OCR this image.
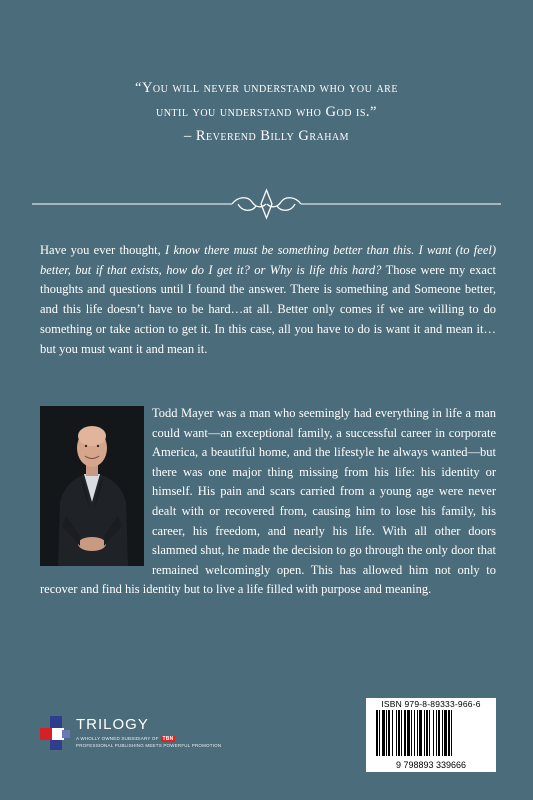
“You will never understand who you are
until you understand who God is.”
– Reverend Billy Graham
Have you ever thought, I know there must be something better than this. I want (to feel) better, but if that exists, how do I get it? or Why is life this hard? Those were my exact thoughts and questions until I found the answer. There is something and Someone better, and this life doesn’t have to be hard…at all. Better only comes if we are willing to do something or take action to get it. In this case, all you have to do is want it and mean it…but you must want it and mean it.
Todd Mayer was a man who seemingly had everything in life a man could want—an exceptional family, a successful career in corporate America, a beautiful home, and the lifestyle he always wanted—but there was one major thing missing from his life: his identity or himself. His pain and scars carried from a young age were never dealt with or recovered from, causing him to lose his family, his career, his freedom, and nearly his life. With all other doors slammed shut, he made the decision to go through the only door that remained welcomingly open. This has allowed him not only to recover and find his identity but to live a life filled with purpose and meaning.
TRILOGY
A WHOLLY OWNED SUBSIDIARY OF TBN
PROFESSIONAL PUBLISHING MEETS POWERFUL PROMOTION
ISBN 979-8-89333-966-6
9 798893 339666
